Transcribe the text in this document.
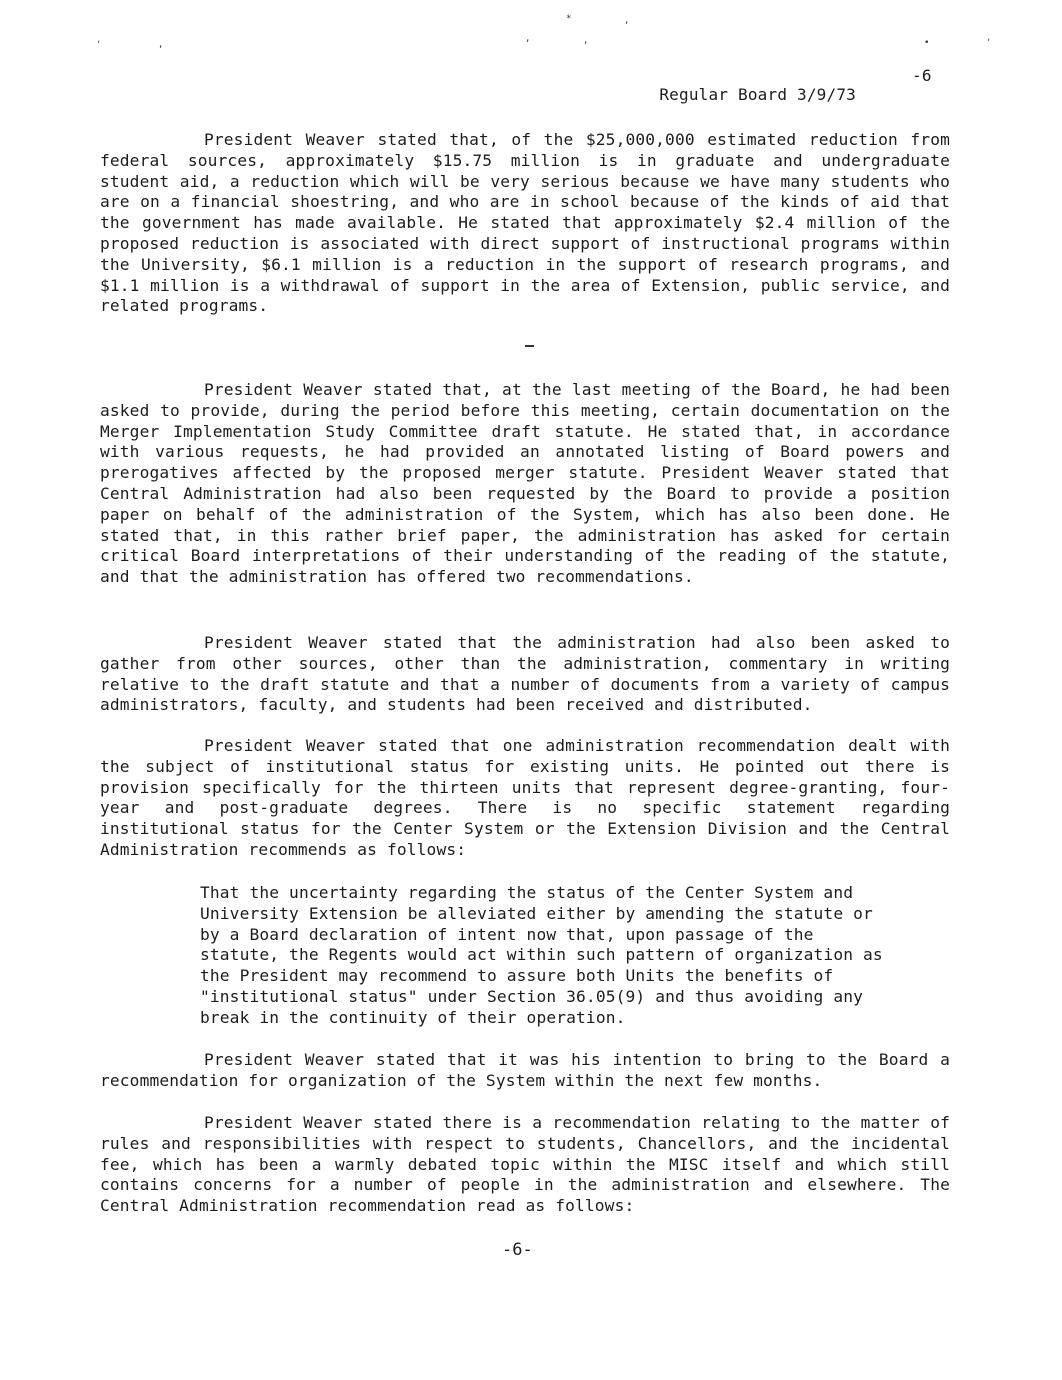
'	,
,
*
,
,
•	'

Regular Board 3/9/73

-6

President Weaver stated that, of the $25,000,000 estimated reduction from federal sources, approximately $15.75 million is in graduate and undergraduate student aid, a reduction which will be very serious because we have many students who are on a financial shoestring, and who are in school because of the kinds of aid that the government has made available. He stated that approximately $2.4 million of the proposed reduction is associated with direct support of instructional programs within the University, $6.1 million is a reduction in the support of research programs, and $1.1 million is a withdrawal of support in the area of Extension, public service, and related programs.
President Weaver stated that, at the last meeting of the Board, he had been asked to provide, during the period before this meeting, certain documentation on the Merger Implementation Study Committee draft statute. He stated that, in accordance with various requests, he had provided an annotated listing of Board powers and prerogatives affected by the proposed merger statute. President Weaver stated that Central Administration had also been requested by the Board to provide a position paper on behalf of the administration of the System, which has also been done. He stated that, in this rather brief paper, the administration has asked for certain critical Board interpretations of their understanding of the reading of the statute, and that the administration has offered two recommendations.
President Weaver stated that the administration had also been asked to gather from other sources, other than the administration, commentary in writing relative to the draft statute and that a number of documents from a variety of campus administrators, faculty, and students had been received and distributed.
President Weaver stated that one administration recommendation dealt with the subject of institutional status for existing units. He pointed out there is provision specifically for the thirteen units that represent degree-granting, four-year and post-graduate degrees. There is no specific statement regarding institutional status for the Center System or the Extension Division and the Central Administration recommends as follows:
That the uncertainty regarding the status of the Center System and University Extension be alleviated either by amending the statute or by a Board declaration of intent now that, upon passage of the statute, the Regents would act within such pattern of organization as the President may recommend to assure both Units the benefits of "institutional status" under Section 36.05(9) and thus avoiding any break in the continuity of their operation.
President Weaver stated that it was his intention to bring to the Board a recommendation for organization of the System within the next few months.
President Weaver stated there is a recommendation relating to the matter of rules and responsibilities with respect to students, Chancellors, and the incidental fee, which has been a warmly debated topic within the MISC itself and which still contains concerns for a number of people in the administration and elsewhere. The Central Administration recommendation read as follows:
-6-
